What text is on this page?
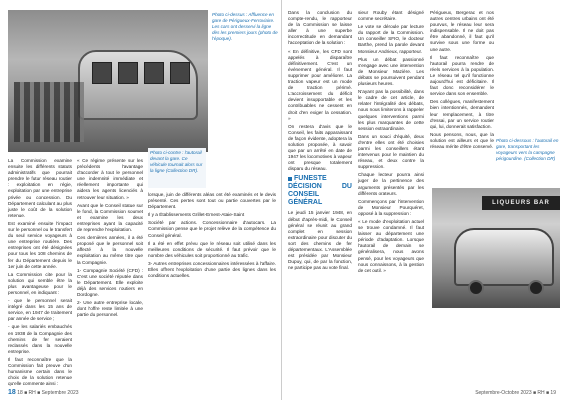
Photo ci-dessus : Affluence en gare de Périgueux-Ferroviaire. Les cars ont desservi la ligne dès les premiers jours (photo de l'époque).

La Commission examine ensuite les différents statuts administratifs que pourrait prendre le futur réseau routier : exploitation en régie, exploitation par une entreprise privée ou concession. Du Département calculant au plus juste le coût de la solution retenue.

Est examiné ensuite l'impact sur le personnel ou le transfert du seul service voyageurs à une entreprise routière. Des entreprises ont été désignées pour tous les 108 chemins de fer du Département depuis le 1er juin de cette année.

La Commission cite pour la solution qui semble être la plus avantageuse pour le personnel, en indiquant :

- que le personnel serait intégré dans les 15 ans de service, en 1947 de traitement par année de service ;

- que les salariés embauchés en 1938 de la Compagnie des chemins de fer seraient reclassés dans la nouvelle entreprise.

Il faut reconnaître que la Commission fait preuve d'un humanisme certain dans le choix de la solution retenue qu'elle commente ainsi :

« Ce régime présente sur les précédents l'avantage d'accorder à tout le personnel une indemnité immédiate et réellement importante qui aidera les agents licenciés à retrouver leur situation. »

Avant que le Conseil statue sur le fond, la Commission soumet et examine les deux entreprises ayant la capacité de reprendre l'exploitation.

Ces dernières années, il a été proposé que le personnel soit affecté à la nouvelle exploitation au même titre que la Compagnie.

1- Compagnie Société (CFD) : C'est une société réputée dans le Département. Elle exploite déjà des services routiers en Dordogne.

2- Une autre entreprise locale, dont l'offre reste limitée à une partie du personnel.

Photo ci-contre : l'autorail devant la gare. Ce véhicule tournait alors sur la ligne (Collection DR).

lorsque, juin de différents aléas ont été examinés et le devis présenté. Ces pertes sont tout ou partie couvertes par le Département.

Il y a Établissements Grillet-Ernest-Ataie-Saint

Société par actions. Concessionnaire d'autocars. La Commission pense que le projet relève de la compétence du Conseil général.

Il a été en effet prévu que le réseau soit utilisé dans les meilleures conditions de sécurité. Il faut prévoir que le nombre des véhicules soit proportionné au trafic.

3- Autres entreprises concessionnaires intéressées à l'affaire. Elles offrent l'exploitation d'une partie des lignes dans les conditions actuelles.

18 18 ■ RH ■ Septembre 2023

Dans la conclusion du compte-rendu, le rapporteur de la Commission se laisse aller à une superbe incorrectitude en demandant l'acceptation de la solution :

« En définitive, les CFD sont appelés à disparaître définitivement. C'est un événement général. Il faut supprimer pour améliorer. La traction vapeur est un mode de traction périmé. L'accroissement du déficit devient insupportable et les contribuables ne cessent en droit d'en exiger la cessation. »

On restera d'avis que le Conseil, les faits apparaissant de façon évidente, adoptera la solution proposée, à savoir que par un arrêté en date de 1947 les locomotives à vapeur ont presque totalement disparu du réseau.

FUNESTE DÉCISION DU CONSEIL GÉNÉRAL

Le jeudi 15 janvier 1948, en début d'après-midi, le Conseil général se réunit au grand complet en session extraordinaire pour discuter du sort des chemins de fer départementaux. L'Assemblée est présidée par Monsieur Dupuy, qui, de par la fonction, ne participe pas au vote final.

sieur Rouby étant désigné comme secrétaire.

Le vote se déroule par lecture du rapport de la Commission. Un conseiller SFIO, le docteur Barthe, prend la parole devant Monsieur Andrieux, rapporteur.

Plus un débat passionné s'engage avec une intervention de Monsieur Mazière. Les débats se poursuivent pendant plusieurs heures.

N'ayant pas la possibilité, dans le cadre de cet article, de relater l'intégralité des débats, nous nous limiterons à rappeler quelques interventions parmi les plus marquantes de cette session extraordinaire.

Dans un souci d'équité, deux d'entre elles ont été choisies parmi les conseillers étant intervenus pour le maintien du réseau, et deux contre la suppression.

Chaque lecteur pourra ainsi juger de la pertinence des arguments présentés par les différents orateurs.

Commençons par l'intervention de Monsieur Pourquéret, opposé à la suppression :

« Le mode d'exploitation actuel se trouve condamné. Il faut laisser au département une période d'adaptation. Lorsque l'autorail de demain se généralisera, nous avons pensé, pour les voyageurs que nous connaissons, à la gestion de cet outil. »

Périgueux, Bergerac et nos autres centres urbains ont été pourvus, le réseau leur sera indispensable. Il ne doit pas être abandonné, il faut qu'il survive sous une forme ou une autre.

Il faut reconnaître que l'autorail pourra rendre de réels services à la population. Le réseau tel qu'il fonctionne aujourd'hui est déficitaire. Il faut donc reconsidérer le service dans son ensemble.

Des collègues, manifestement bien intentionnés, demandent leur remplacement, à titre d'essai, par un service routier qui, lui, donnerait satisfaction.

Nous pensons, nous, que la solution est ailleurs et que le réseau mérite d'être conservé.

Photo ci-dessous : l'autorail en gare, transportant les voyageurs vers la campagne périgourdine. (Collection DR)
LIQUEURS BAR
Septembre-Octobre 2023 ■ RH ■ 19
